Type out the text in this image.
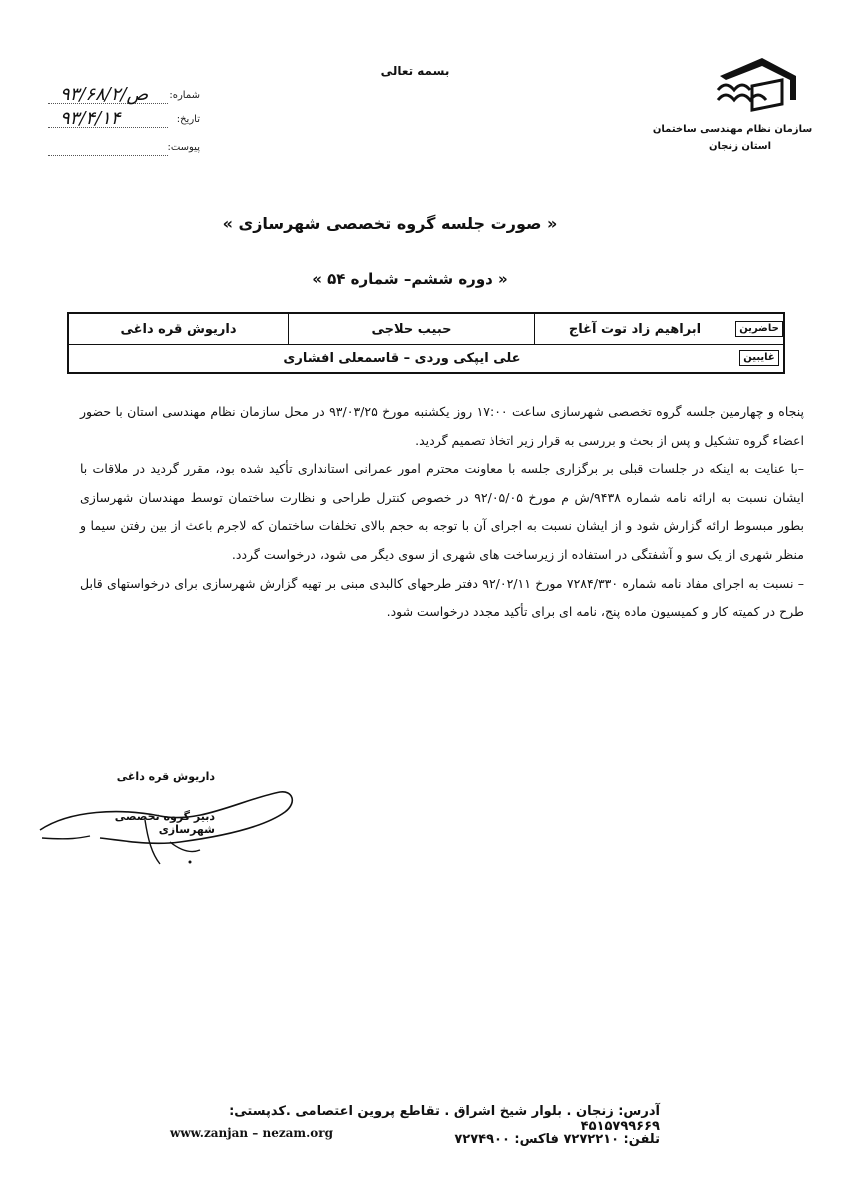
بسمه تعالی
سازمان نظام مهندسی ساختمان
استان زنجان
شماره:
۹۳/۶۸/ص/۲
تاریخ:
۹۳/۴/۱۴
پیوست:
« صورت جلسه گروه تخصصی شهرسازی »
« دوره ششم– شماره ۵۴ »
حاضرین
ابراهیم زاد توت آغاج
حبیب حلاجی
داریوش قره داغی
غایبین
علی ایپکی وردی – قاسمعلی افشاری

پنجاه و چهارمین جلسه گروه تخصصی شهرسازی ساعت ۱۷:۰۰ روز یکشنبه مورخ ۹۳/۰۳/۲۵ در محل سازمان نظام مهندسی استان با حضور اعضاء گروه تشکیل و پس از بحث و بررسی به قرار زیر اتخاذ تصمیم گردید.

–با عنایت به اینکه در جلسات قبلی بر برگزاری جلسه با معاونت محترم امور عمرانی استانداری تأکید شده بود، مقرر گردید در ملاقات با ایشان نسبت به ارائه نامه شماره ۹۴۳۸/ش م مورخ ۹۲/۰۵/۰۵ در خصوص کنترل طراحی و نظارت ساختمان توسط مهندسان شهرسازی بطور مبسوط ارائه گزارش شود و از ایشان نسبت به اجرای آن با توجه به حجم بالای تخلفات ساختمان که لاجرم باعث از بین رفتن سیما و منظر شهری از یک سو و آشفتگی در استفاده از زیرساخت های شهری از سوی دیگر می شود، درخواست گردد.

– نسبت به اجرای مفاد نامه شماره ۷۲۸۴/۳۳۰ مورخ ۹۲/۰۲/۱۱ دفتر طرحهای کالبدی مبنی بر تهیه گزارش شهرسازی برای درخواستهای قابل طرح در کمیته کار و کمیسیون ماده پنج، نامه ای برای تأکید مجدد درخواست شود.

داریوش قره داغی
دبیر گروه تخصصی شهرسازی
آدرس: زنجان . بلوار شیخ اشراق . تقاطع پروین اعتصامی .کدپستی: ۴۵۱۵۷۹۹۶۶۹
تلفن: ۷۲۷۲۲۱۰ فاکس: ۷۲۷۴۹۰۰
www.zanjan – nezam.org
